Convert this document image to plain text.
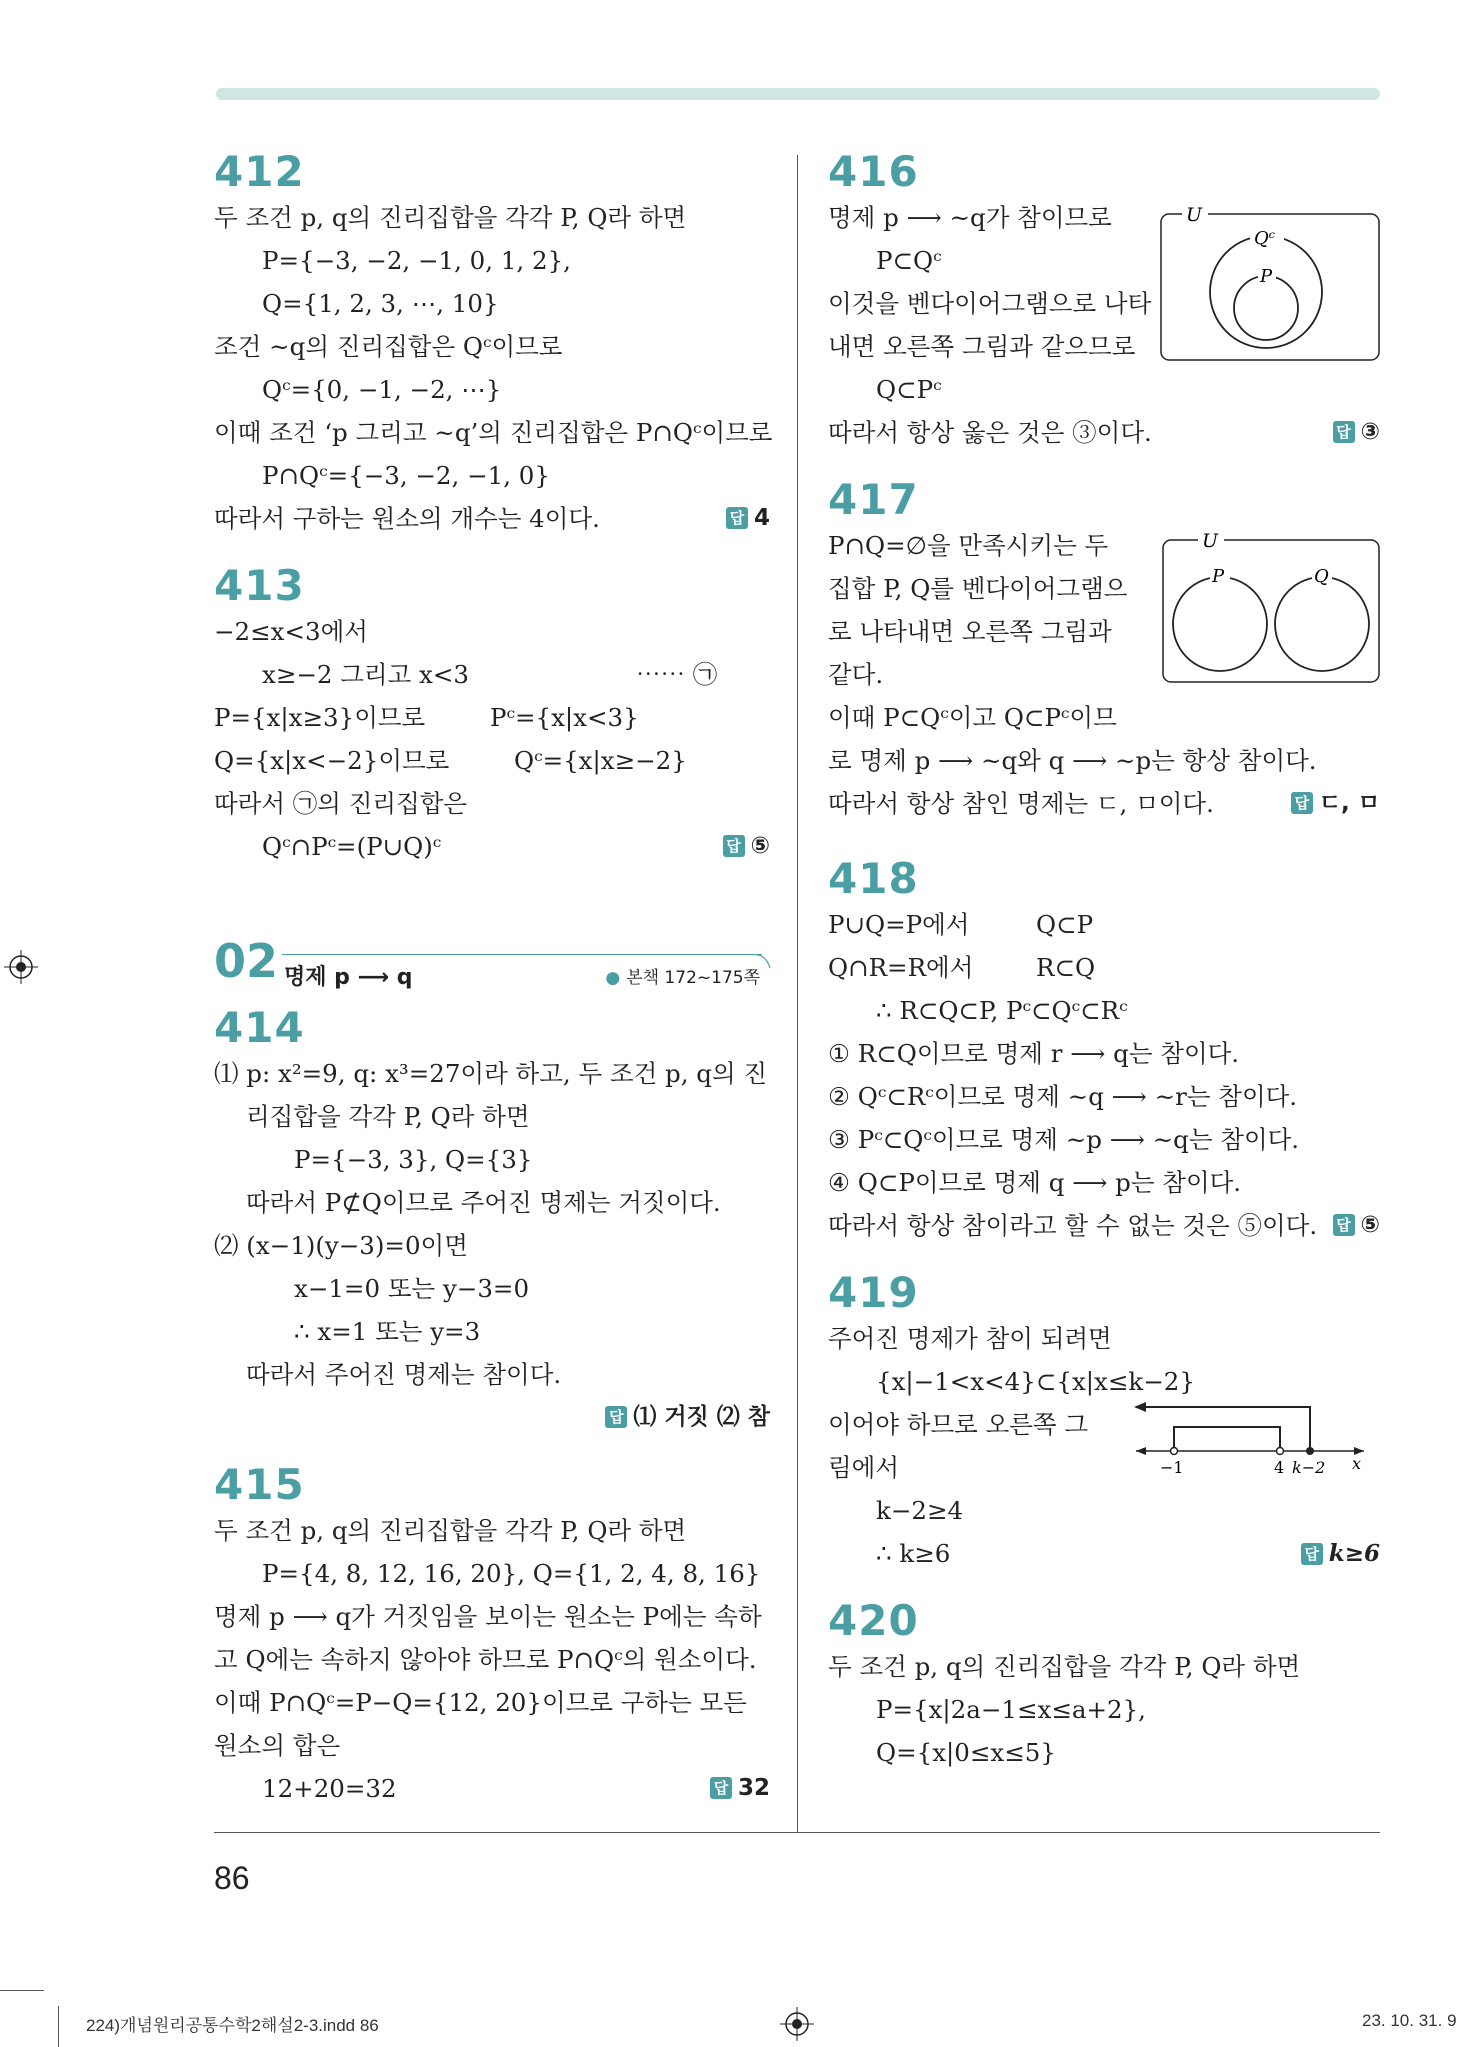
412
두 조건 p, q의 진리집합을 각각 P, Q라 하면
P={−3, −2, −1, 0, 1, 2},
Q={1, 2, 3, ⋯, 10}
조건 ~q의 진리집합은 Qᶜ이므로
Qᶜ={0, −1, −2, ⋯}
이때 조건 ‘p 그리고 ~q’의 진리집합은 P∩Qᶜ이므로
P∩Qᶜ={−3, −2, −1, 0}
따라서 구하는 원소의 개수는 4이다.	답 4
413
−2≤x<3에서
x≥−2 그리고 x<3	⋯⋯ ㉠
P={x|x≥3}이므로	Pᶜ={x|x<3}
Q={x|x<−2}이므로	Qᶜ={x|x≥−2}
따라서 ㉠의 진리집합은
Qᶜ∩Pᶜ=(P∪Q)ᶜ	답 ⑤
02 명제 p ⟶ q	● 본책 172~175쪽
414
⑴ p: x²=9, q: x³=27이라 하고, 두 조건 p, q의 진
리집합을 각각 P, Q라 하면
P={−3, 3}, Q={3}
따라서 P⊄Q이므로 주어진 명제는 거짓이다.
⑵ (x−1)(y−3)=0이면
x−1=0 또는 y−3=0
∴ x=1 또는 y=3
따라서 주어진 명제는 참이다.

답 ⑴ 거짓 ⑵ 참
415
두 조건 p, q의 진리집합을 각각 P, Q라 하면
P={4, 8, 12, 16, 20}, Q={1, 2, 4, 8, 16}
명제 p ⟶ q가 거짓임을 보이는 원소는 P에는 속하
고 Q에는 속하지 않아야 하므로 P∩Qᶜ의 원소이다.
이때 P∩Qᶜ=P−Q={12, 20}이므로 구하는 모든
원소의 합은
12+20=32	답 32
416
명제 p ⟶ ~q가 참이므로
P⊂Qᶜ
이것을 벤다이어그램으로 나타
내면 오른쪽 그림과 같으므로
Q⊂Pᶜ
따라서 항상 옳은 것은 ③이다.	답 ③
U
Qᶜ
P
417
P∩Q=∅을 만족시키는 두
집합 P, Q를 벤다이어그램으
로 나타내면 오른쪽 그림과
같다.
이때 P⊂Qᶜ이고 Q⊂Pᶜ이므
로 명제 p ⟶ ~q와 q ⟶ ~p는 항상 참이다.
따라서 항상 참인 명제는 ㄷ, ㅁ이다.	답 ㄷ, ㅁ
U
P	Q
418
P∪Q=P에서	Q⊂P
Q∩R=R에서	R⊂Q
∴ R⊂Q⊂P, Pᶜ⊂Qᶜ⊂Rᶜ
① R⊂Q이므로 명제 r ⟶ q는 참이다.
② Qᶜ⊂Rᶜ이므로 명제 ~q ⟶ ~r는 참이다.
③ Pᶜ⊂Qᶜ이므로 명제 ~p ⟶ ~q는 참이다.
④ Q⊂P이므로 명제 q ⟶ p는 참이다.
따라서 항상 참이라고 할 수 없는 것은 ⑤이다. 답 ⑤
419
주어진 명제가 참이 되려면
{x|−1<x<4}⊂{x|x≤k−2}
이어야 하므로 오른쪽 그
림에서
k−2≥4
∴ k≥6	답 k≥6
−1	4 k−2 x
420
두 조건 p, q의 진리집합을 각각 P, Q라 하면
P={x|2a−1≤x≤a+2},
Q={x|0≤x≤5}
86
224)개념원리공통수학2해설2-3.indd 86	23. 10. 31. 9
